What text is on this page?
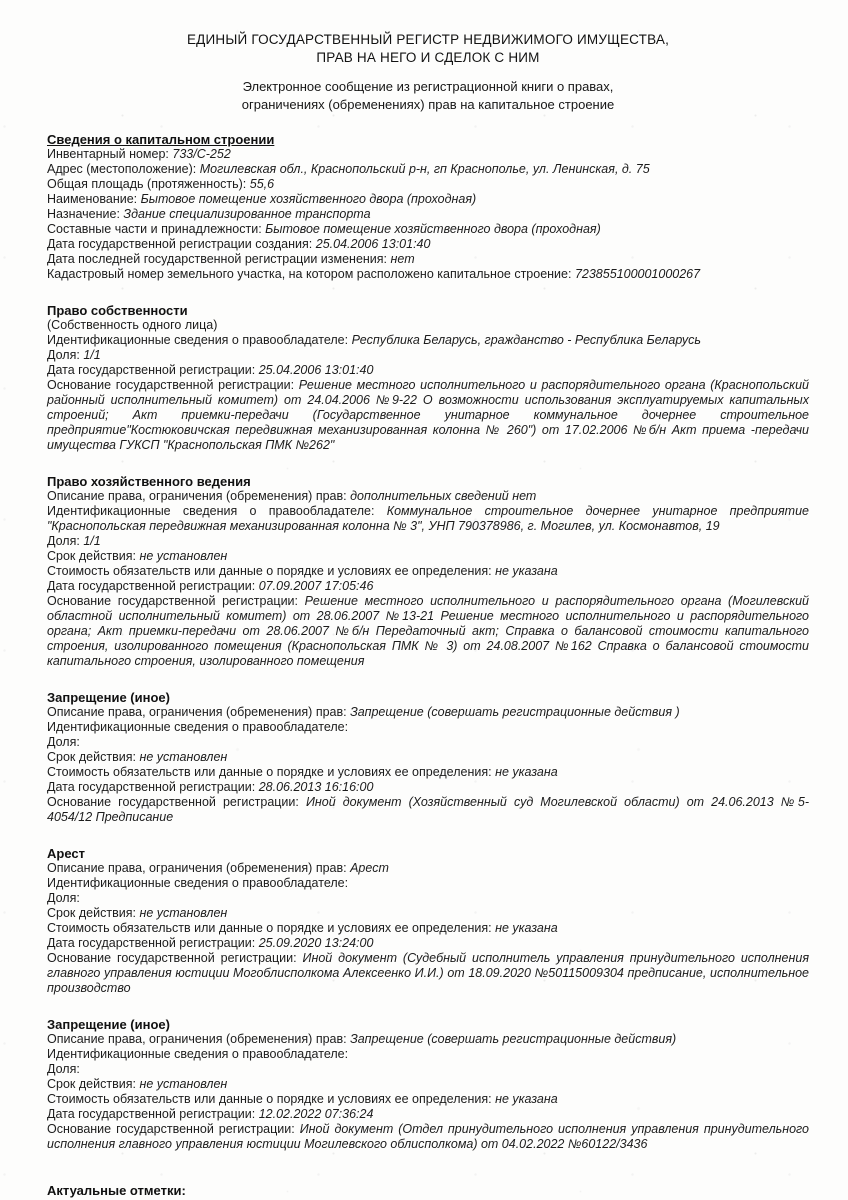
ЕДИНЫЙ ГОСУДАРСТВЕННЫЙ РЕГИСТР НЕДВИЖИМОГО ИМУЩЕСТВА,
ПРАВ НА НЕГО И СДЕЛОК С НИМ
Электронное сообщение из регистрационной книги о правах,
ограничениях (обременениях) прав на капитальное строение
Сведения о капитальном строении
Инвентарный номер: 733/С-252
Адрес (местоположение): Могилевская обл., Краснопольский р-н, гп Краснополье, ул. Ленинская, д. 75
Общая площадь (протяженность): 55,6
Наименование: Бытовое помещение хозяйственного двора (проходная)
Назначение: Здание специализированное транспорта
Составные части и принадлежности: Бытовое помещение хозяйственного двора (проходная)
Дата государственной регистрации создания: 25.04.2006 13:01:40
Дата последней государственной регистрации изменения: нет
Кадастровый номер земельного участка, на котором расположено капитальное строение: 723855100001000267
Право собственности
(Собственность одного лица)
Идентификационные сведения о правообладателе: Республика Беларусь, гражданство - Республика Беларусь
Доля: 1/1
Дата государственной регистрации: 25.04.2006 13:01:40
Основание государственной регистрации: Решение местного исполнительного и распорядительного органа (Краснопольский районный исполнительный комитет) от 24.04.2006 №9-22 О возможности использования эксплуатируемых капитальных строений; Акт приемки-передачи (Государственное унитарное коммунальное дочернее строительное предприятие"Костюковичская передвижная механизированная колонна № 260") от 17.02.2006 №б/н Акт приема -передачи имущества ГУКСП "Краснопольская ПМК №262"
Право хозяйственного ведения
Описание права, ограничения (обременения) прав: дополнительных сведений нет
Идентификационные сведения о правообладателе: Коммунальное строительное дочернее унитарное предприятие "Краснопольская передвижная механизированная колонна № 3", УНП 790378986, г. Могилев, ул. Космонавтов, 19
Доля: 1/1
Срок действия: не установлен
Стоимость обязательств или данные о порядке и условиях ее определения: не указана
Дата государственной регистрации: 07.09.2007 17:05:46
Основание государственной регистрации: Решение местного исполнительного и распорядительного органа (Могилевский областной исполнительный комитет) от 28.06.2007 №13-21 Решение местного исполнительного и распорядительного органа; Акт приемки-передачи от 28.06.2007 №б/н Передаточный акт; Справка о балансовой стоимости капитального строения, изолированного помещения (Краснопольская ПМК № 3) от 24.08.2007 №162 Справка о балансовой стоимости капитального строения, изолированного помещения
Запрещение (иное)
Описание права, ограничения (обременения) прав: Запрещение (совершать регистрационные действия )
Идентификационные сведения о правообладателе:
Доля:
Срок действия: не установлен
Стоимость обязательств или данные о порядке и условиях ее определения: не указана
Дата государственной регистрации: 28.06.2013 16:16:00
Основание государственной регистрации: Иной документ (Хозяйственный суд Могилевской области) от 24.06.2013 №5-4054/12 Предписание
Арест
Описание права, ограничения (обременения) прав: Арест
Идентификационные сведения о правообладателе:
Доля:
Срок действия: не установлен
Стоимость обязательств или данные о порядке и условиях ее определения: не указана
Дата государственной регистрации: 25.09.2020 13:24:00
Основание государственной регистрации: Иной документ (Судебный исполнитель управления принудительного исполнения главного управления юстиции Могоблисполкома Алексеенко И.И.) от 18.09.2020 №50115009304 предписание, исполнительное производство
Запрещение (иное)
Описание права, ограничения (обременения) прав: Запрещение (совершать регистрационные действия)
Идентификационные сведения о правообладателе:
Доля:
Срок действия: не установлен
Стоимость обязательств или данные о порядке и условиях ее определения: не указана
Дата государственной регистрации: 12.02.2022 07:36:24
Основание государственной регистрации: Иной документ (Отдел принудительного исполнения управления принудительного исполнения главного управления юстиции Могилевского облисполкома) от 04.02.2022 №60122/3436
Актуальные отметки:
